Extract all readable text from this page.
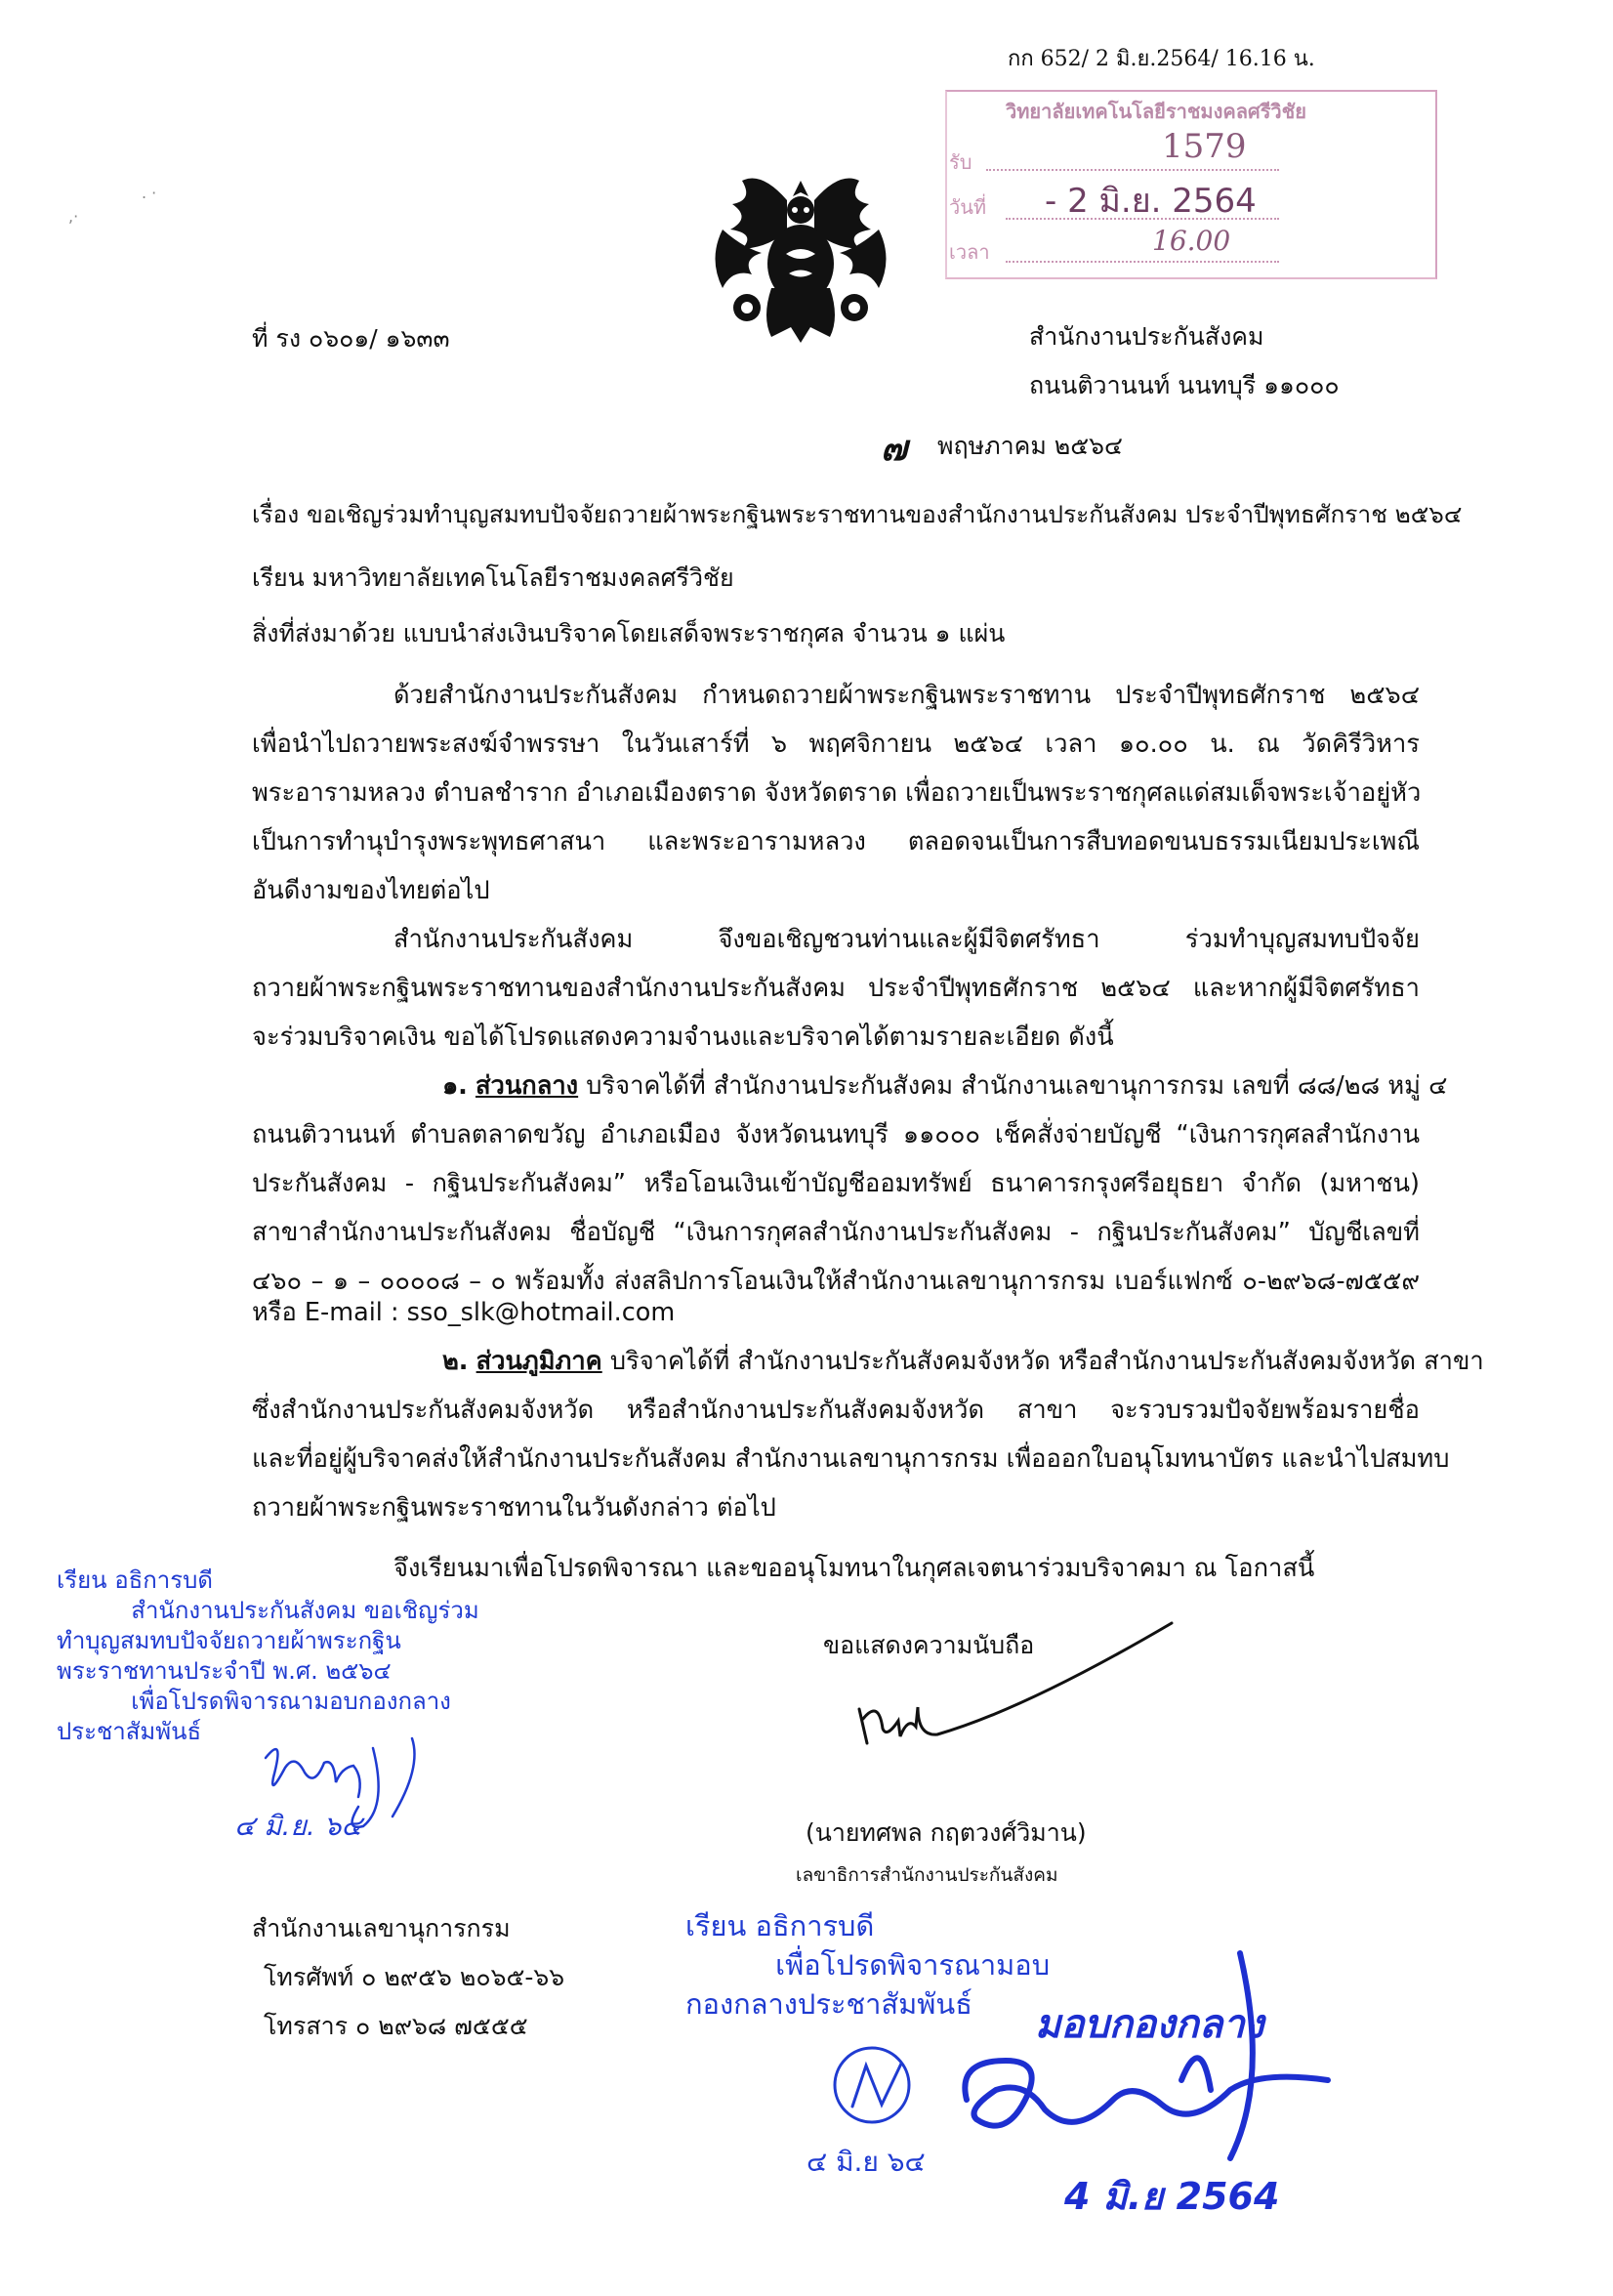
กก 652/ 2 มิ.ย.2564/ 16.16 น.
วิทยาลัยเทคโนโลยีราชมงคลศรีวิชัย
รับ	1579
วันที่ - 2 มิ.ย. 2564
เวลา	16.00
ที่ รง ๐๖๐๑/ ๑๖๓๓	สำนักงานประกันสังคม
ถนนติวานนท์ นนทบุรี ๑๑๐๐๐
๗ พฤษภาคม ๒๕๖๔
เรื่อง ขอเชิญร่วมทำบุญสมทบปัจจัยถวายผ้าพระกฐินพระราชทานของสำนักงานประกันสังคม ประจำปีพุทธศักราช ๒๕๖๔
เรียน มหาวิทยาลัยเทคโนโลยีราชมงคลศรีวิชัย
สิ่งที่ส่งมาด้วย แบบนำส่งเงินบริจาคโดยเสด็จพระราชกุศล จำนวน ๑ แผ่น
ด้วยสำนักงานประกันสังคม กำหนดถวายผ้าพระกฐินพระราชทาน ประจำปีพุทธศักราช ๒๕๖๔
เพื่อนำไปถวายพระสงฆ์จำพรรษา ในวันเสาร์ที่ ๖ พฤศจิกายน ๒๕๖๔ เวลา ๑๐.๐๐ น. ณ วัดคิรีวิหาร
พระอารามหลวง ตำบลชำราก อำเภอเมืองตราด จังหวัดตราด เพื่อถวายเป็นพระราชกุศลแด่สมเด็จพระเจ้าอยู่หัว
เป็นการทำนุบำรุงพระพุทธศาสนา และพระอารามหลวง ตลอดจนเป็นการสืบทอดขนบธรรมเนียมประเพณี
อันดีงามของไทยต่อไป
สำนักงานประกันสังคม จึงขอเชิญชวนท่านและผู้มีจิตศรัทธา ร่วมทำบุญสมทบปัจจัย
ถวายผ้าพระกฐินพระราชทานของสำนักงานประกันสังคม ประจำปีพุทธศักราช ๒๕๖๔ และหากผู้มีจิตศรัทธา
จะร่วมบริจาคเงิน ขอได้โปรดแสดงความจำนงและบริจาคได้ตามรายละเอียด ดังนี้
๑. ส่วนกลาง บริจาคได้ที่ สำนักงานประกันสังคม สำนักงานเลขานุการกรม เลขที่ ๘๘/๒๘ หมู่ ๔
ถนนติวานนท์ ตำบลตลาดขวัญ อำเภอเมือง จังหวัดนนทบุรี ๑๑๐๐๐ เช็คสั่งจ่ายบัญชี “เงินการกุศลสำนักงาน
ประกันสังคม - กฐินประกันสังคม” หรือโอนเงินเข้าบัญชีออมทรัพย์ ธนาคารกรุงศรีอยุธยา จำกัด (มหาชน)
สาขาสำนักงานประกันสังคม ชื่อบัญชี “เงินการกุศลสำนักงานประกันสังคม - กฐินประกันสังคม” บัญชีเลขที่
๔๖๐ – ๑ – ๐๐๐๐๘ – ๐ พร้อมทั้ง ส่งสลิปการโอนเงินให้สำนักงานเลขานุการกรม เบอร์แฟกซ์ ๐-๒๙๖๘-๗๕๕๙
หรือ E-mail : sso_slk@hotmail.com
๒. ส่วนภูมิภาค บริจาคได้ที่ สำนักงานประกันสังคมจังหวัด หรือสำนักงานประกันสังคมจังหวัด สาขา
ซึ่งสำนักงานประกันสังคมจังหวัด หรือสำนักงานประกันสังคมจังหวัด สาขา จะรวบรวมปัจจัยพร้อมรายชื่อ
และที่อยู่ผู้บริจาคส่งให้สำนักงานประกันสังคม สำนักงานเลขานุการกรม เพื่อออกใบอนุโมทนาบัตร และนำไปสมทบ
ถวายผ้าพระกฐินพระราชทานในวันดังกล่าว ต่อไป
จึงเรียนมาเพื่อโปรดพิจารณา และขออนุโมทนาในกุศลเจตนาร่วมบริจาคมา ณ โอกาสนี้
เรียน อธิการบดี
สำนักงานประกันสังคม ขอเชิญร่วม
ทำบุญสมทบปัจจัยถวายผ้าพระกฐิน
พระราชทานประจำปี พ.ศ. ๒๕๖๔
เพื่อโปรดพิจารณามอบกองกลาง
ประชาสัมพันธ์
๔ มิ.ย. ๖๔
ขอแสดงความนับถือ
(นายทศพล กฤตวงศ์วิมาน)
เลขาธิการสำนักงานประกันสังคม
สำนักงานเลขานุการกรม
โทรศัพท์ ๐ ๒๙๕๖ ๒๐๖๕-๖๖
โทรสาร ๐ ๒๙๖๘ ๗๕๕๕
เรียน อธิการบดี
เพื่อโปรดพิจารณามอบ
กองกลางประชาสัมพันธ์
๔ มิ.ย ๖๔
มอบกองกลาง
4 มิ.ย 2564
. ·
,·
